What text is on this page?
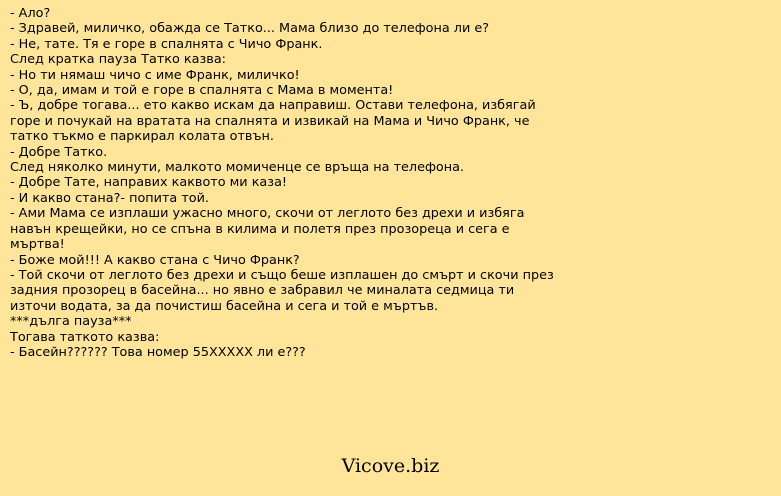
- Ало?
- Здравей, миличко, обажда се Татко... Мама близо до телефона ли е?
- Не, тате. Тя е горе в спалнята с Чичо Франк.
След кратка пауза Татко казва:
- Но ти нямаш чичо с име Франк, миличко!
- О, да, имам и той е горе в спалнята с Мама в момента!
- Ъ, добре тогава... ето какво искам да направиш. Остави телефона, избягай
горе и почукай на вратата на спалнята и извикай на Мама и Чичо Франк, че
татко тъкмо е паркирал колата отвън.
- Добре Татко.
След няколко минути, малкото момиченце се връща на телефона.
- Добре Тате, направих каквото ми каза!
- И какво стана?- попита той.
- Ами Мама се изплаши ужасно много, скочи от леглото без дрехи и избяга
навън крещейки, но се спъна в килима и полетя през прозореца и сега е
мъртва!
- Боже мой!!! А какво стана с Чичо Франк?
- Той скочи от леглото без дрехи и също беше изплашен до смърт и скочи през
задния прозорец в басейна... но явно е забравил че миналата седмица ти
източи водата, за да почистиш басейна и сега и той е мъртъв.
***дълга пауза***
Тогава таткото казва:
- Басейн?????? Това номер 55XXXXX ли е???
Vicove.biz
